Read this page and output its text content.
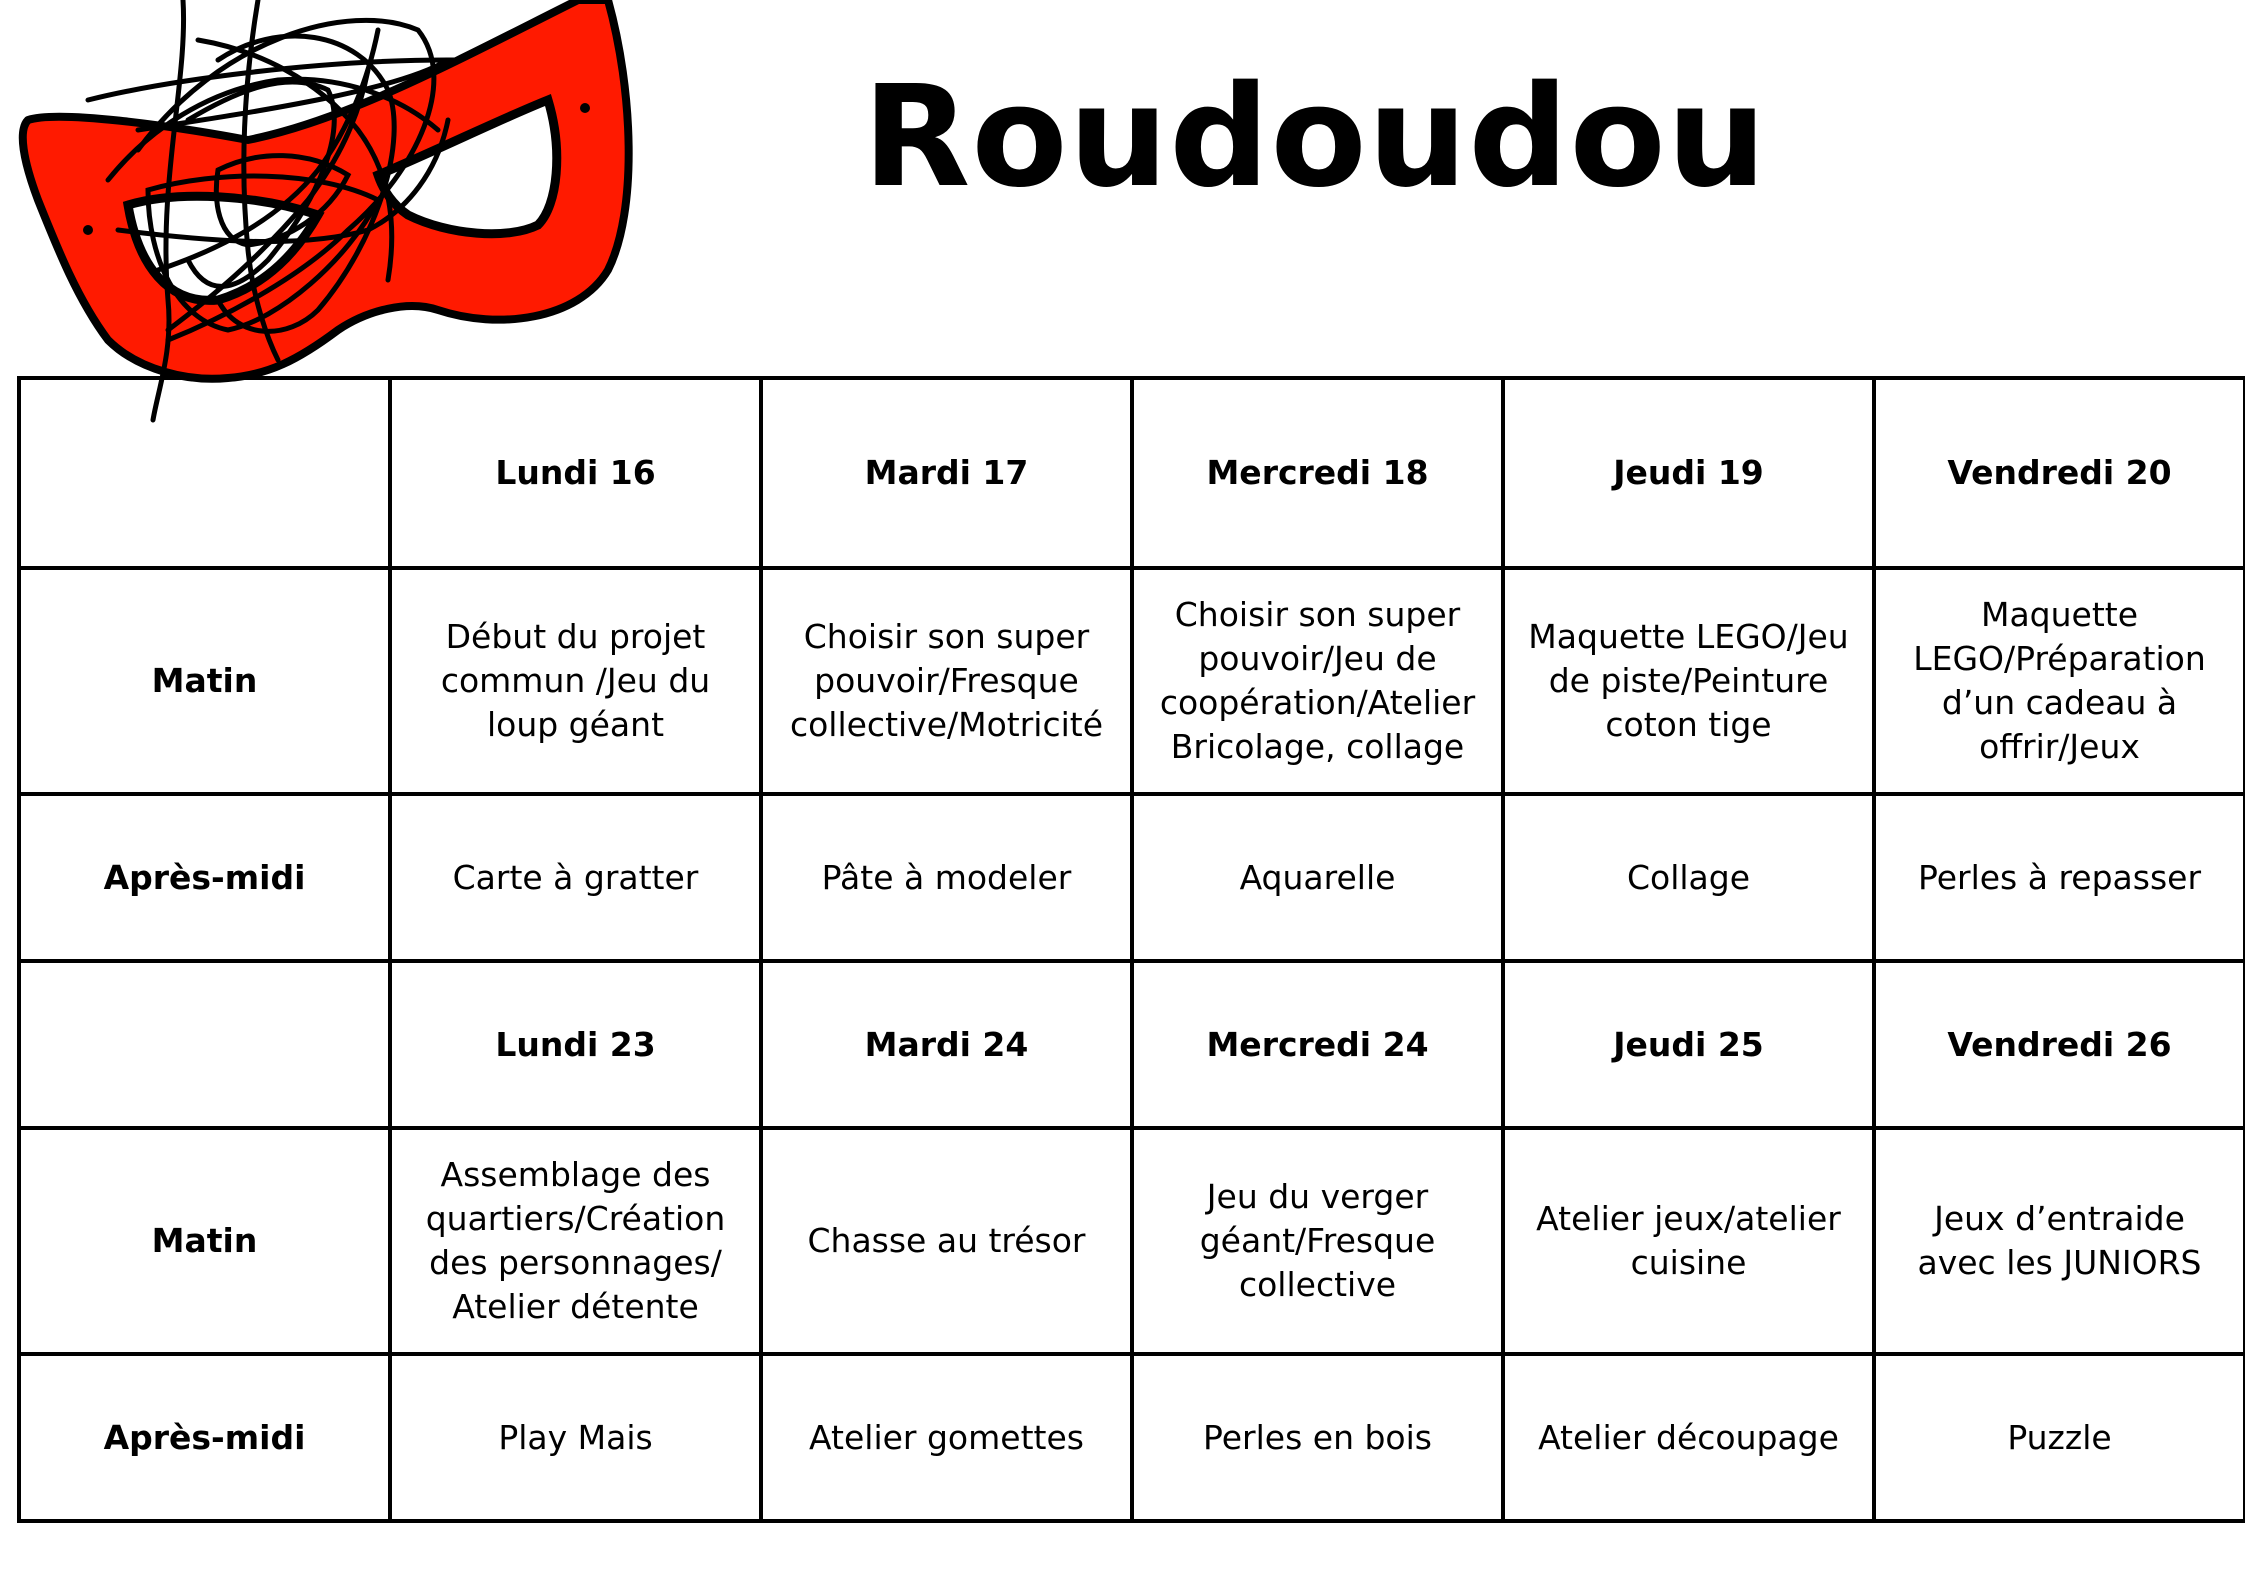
Roudoudou
	Lundi 16	Mardi 17	Mercredi 18	Jeudi 19	Vendredi 20
Matin	Début du projet commun /Jeu du loup géant	Choisir son super pouvoir/Fresque collective/Motricité	Choisir son super pouvoir/Jeu de coopération/Atelier Bricolage, collage	Maquette LEGO/Jeu de piste/Peinture coton tige	Maquette LEGO/Préparation d’un cadeau à offrir/Jeux
Après-midi	Carte à gratter	Pâte à modeler	Aquarelle	Collage	Perles à repasser
	Lundi 23	Mardi 24	Mercredi 24	Jeudi 25	Vendredi 26
Matin	Assemblage des quartiers/Création des personnages/ Atelier détente	Chasse au trésor	Jeu du verger géant/Fresque collective	Atelier jeux/atelier cuisine	Jeux d’entraide avec les JUNIORS
Après-midi	Play Mais	Atelier gomettes	Perles en bois	Atelier découpage	Puzzle
